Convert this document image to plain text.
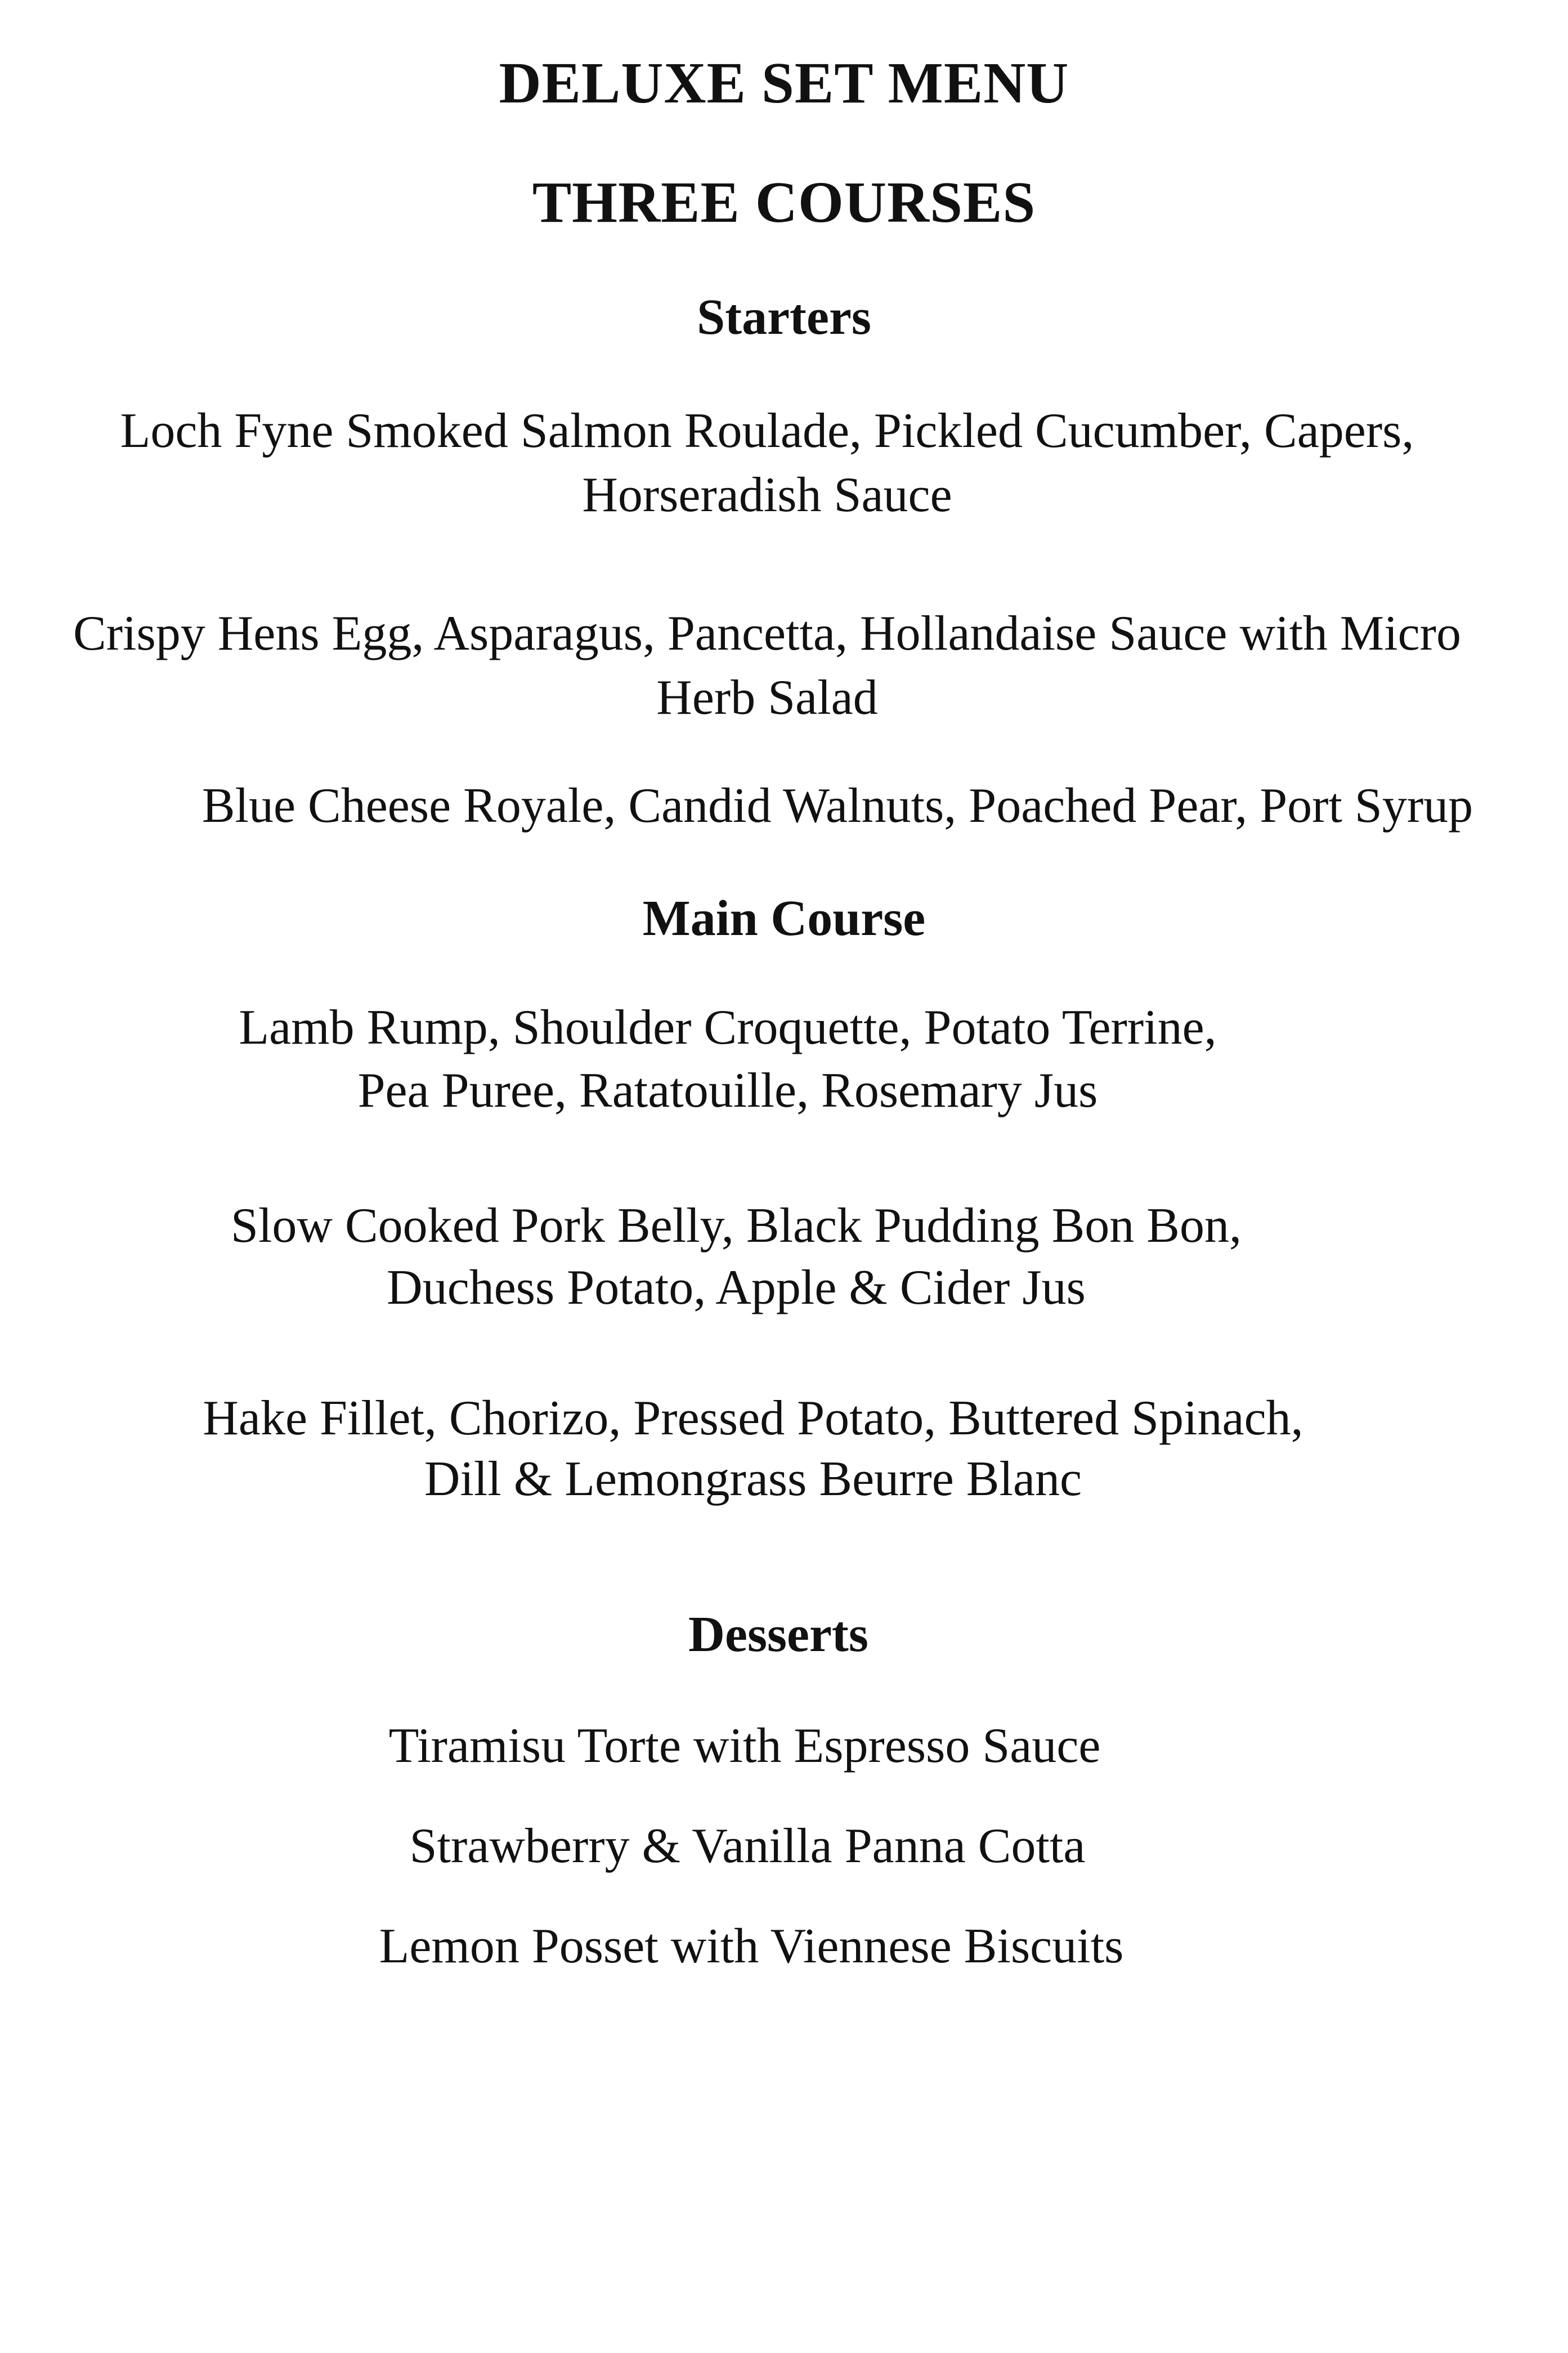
DELUXE SET MENU
THREE COURSES
Starters
Loch Fyne Smoked Salmon Roulade, Pickled Cucumber, Capers,
Horseradish Sauce
Crispy Hens Egg, Asparagus, Pancetta, Hollandaise Sauce with Micro
Herb Salad
Blue Cheese Royale, Candid Walnuts, Poached Pear, Port Syrup
Main Course
Lamb Rump, Shoulder Croquette, Potato Terrine,
Pea Puree, Ratatouille, Rosemary Jus
Slow Cooked Pork Belly, Black Pudding Bon Bon,
Duchess Potato, Apple & Cider Jus
Hake Fillet, Chorizo, Pressed Potato, Buttered Spinach,
Dill & Lemongrass Beurre Blanc
Desserts
Tiramisu Torte with Espresso Sauce
Strawberry & Vanilla Panna Cotta
Lemon Posset with Viennese Biscuits
